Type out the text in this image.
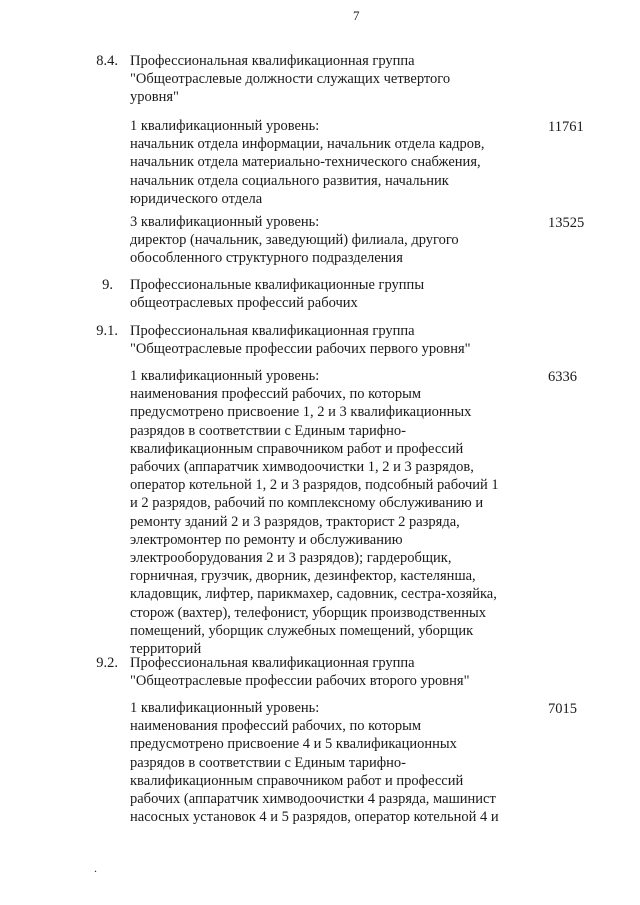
7
8.4. Профессиональная квалификационная группа
"Общеотраслевые должности служащих четвертого
уровня"
1 квалификационный уровень:
начальник отдела информации, начальник отдела кадров,
начальник отдела материально-технического снабжения,
начальник отдела социального развития, начальник
юридического отдела
11761
3 квалификационный уровень:
директор (начальник, заведующий) филиала, другого
обособленного структурного подразделения
13525
9. Профессиональные квалификационные группы
общеотраслевых профессий рабочих
9.1. Профессиональная квалификационная группа
"Общеотраслевые профессии рабочих первого уровня"
1 квалификационный уровень:
наименования профессий рабочих, по которым
предусмотрено присвоение 1, 2 и 3 квалификационных
разрядов в соответствии с Единым тарифно-
квалификационным справочником работ и профессий
рабочих (аппаратчик химводоочистки 1, 2 и 3 разрядов,
оператор котельной 1, 2 и 3 разрядов, подсобный рабочий 1
и 2 разрядов, рабочий по комплексному обслуживанию и
ремонту зданий 2 и 3 разрядов, тракторист 2 разряда,
электромонтер по ремонту и обслуживанию
электрооборудования 2 и 3 разрядов); гардеробщик,
горничная, грузчик, дворник, дезинфектор, кастелянша,
кладовщик, лифтер, парикмахер, садовник, сестра-хозяйка,
сторож (вахтер), телефонист, уборщик производственных
помещений, уборщик служебных помещений, уборщик
территорий
6336
9.2. Профессиональная квалификационная группа
"Общеотраслевые профессии рабочих второго уровня"
1 квалификационный уровень:
наименования профессий рабочих, по которым
предусмотрено присвоение 4 и 5 квалификационных
разрядов в соответствии с Единым тарифно-
квалификационным справочником работ и профессий
рабочих (аппаратчик химводоочистки 4 разряда, машинист
насосных установок 4 и 5 разрядов, оператор котельной 4 и
7015
.
